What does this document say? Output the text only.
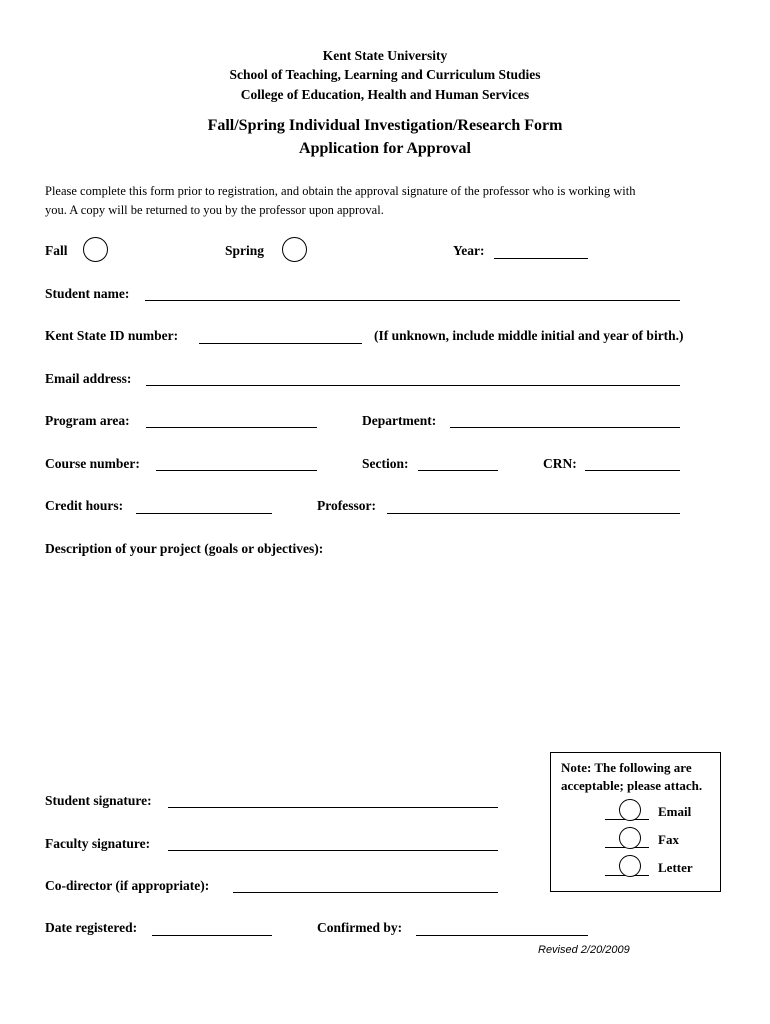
Kent State University
School of Teaching, Learning and Curriculum Studies
College of Education, Health and Human Services
Fall/Spring Individual Investigation/Research Form
Application for Approval
Please complete this form prior to registration, and obtain the approval signature of the professor who is working with
you. A copy will be returned to you by the professor upon approval.
Fall	Spring	Year:
Student name:
Kent State ID number:	(If unknown, include middle initial and year of birth.)
Email address:
Program area:	Department:
Course number:	Section:	CRN:
Credit hours:	Professor:
Description of your project (goals or objectives):
Student signature:
Faculty signature:
Co-director (if appropriate):
Date registered:	Confirmed by:
Note: The following are
acceptable; please attach.
Email
Fax
Letter
Revised 2/20/2009
